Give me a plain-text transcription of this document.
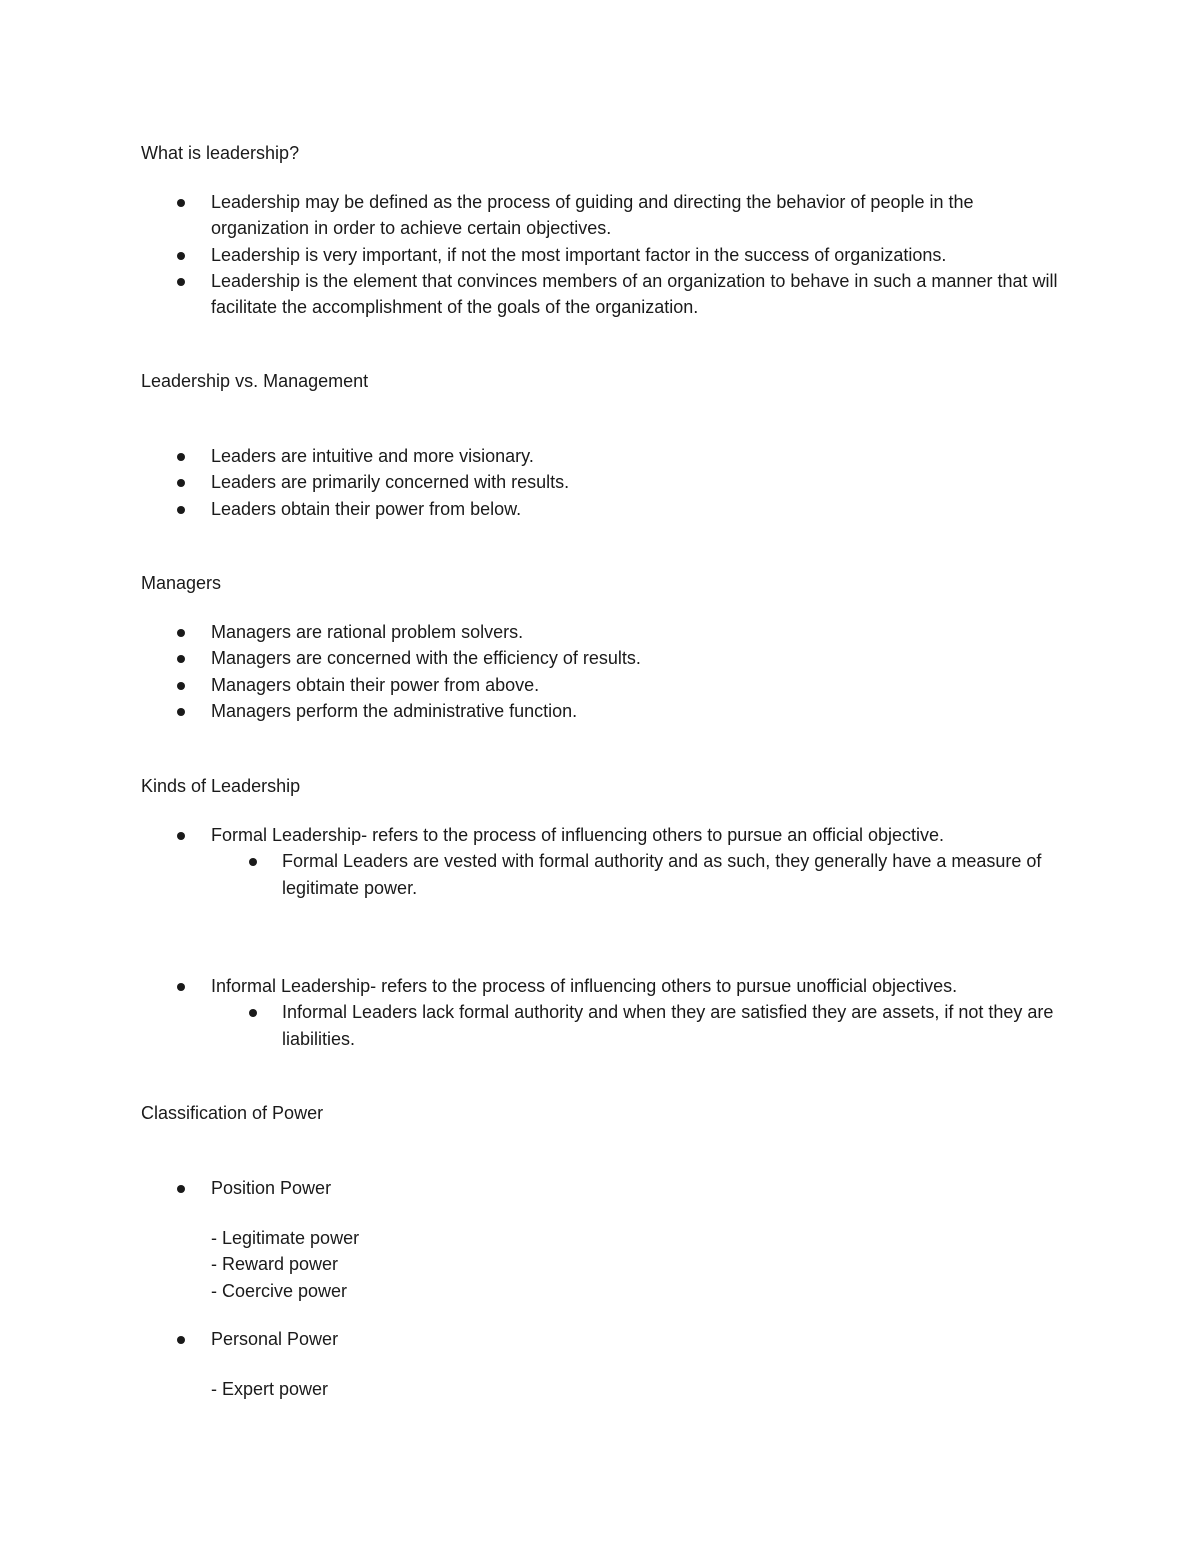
What is leadership?
Leadership may be defined as the process of guiding and directing the behavior of people in the organization in order to achieve certain objectives.
Leadership is very important, if not the most important factor in the success of organizations.
Leadership is the element that convinces members of an organization to behave in such a manner that will facilitate the accomplishment of the goals of the organization.
Leadership vs. Management
Leaders are intuitive and more visionary.
Leaders are primarily concerned with results.
Leaders obtain their power from below.
Managers
Managers are rational problem solvers.
Managers are concerned with the efficiency of results.
Managers obtain their power from above.
Managers perform the administrative function.
Kinds of Leadership
Formal Leadership- refers to the process of influencing others to pursue an official objective.
Formal Leaders are vested with formal authority and as such, they generally have a measure of legitimate power.
Informal Leadership- refers to the process of influencing others to pursue unofficial objectives.
Informal Leaders lack formal authority and when they are satisfied they are assets, if not they are liabilities.
Classification of Power
Position Power
- Legitimate power
- Reward power
- Coercive power
Personal Power
- Expert power
